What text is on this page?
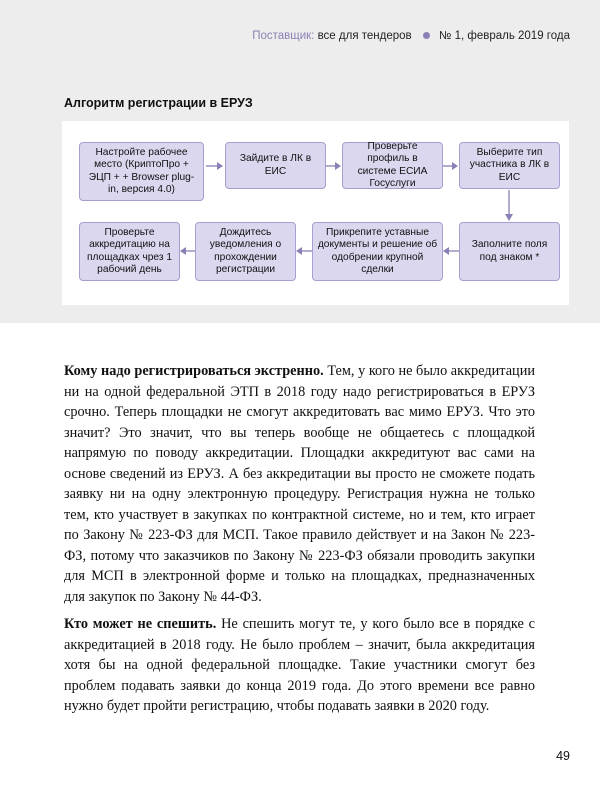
Поставщик: все для тендеров № 1, февраль 2019 года
Алгоритм регистрации в ЕРУЗ
Настройте рабочее место (КриптоПро + ЭЦП + + Browser plug-in, версия 4.0)
Зайдите в ЛК в ЕИС
Проверьте профиль в системе ЕСИА Госуслуги
Выберите тип участника в ЛК в ЕИС
Заполните поля под знаком *
Прикрепите уставные документы и решение об одобрении крупной сделки
Дождитесь уведомления о прохождении регистрации
Проверьте аккредитацию на площадках чрез 1 рабочий день
Кому надо регистрироваться экстренно. Тем, у кого не было аккредитации ни на одной федеральной ЭТП в 2018 году надо регистрироваться в ЕРУЗ срочно. Теперь площадки не смогут аккредитовать вас мимо ЕРУЗ. Что это значит? Это значит, что вы теперь вообще не общаетесь с площадкой напрямую по поводу аккредитации. Площадки аккредитуют вас сами на основе сведений из ЕРУЗ. А без аккредитации вы просто не сможете подать заявку ни на одну электронную процедуру. Регистрация нужна не только тем, кто участвует в закупках по контрактной системе, но и тем, кто играет по Закону № 223-ФЗ для МСП. Такое правило действует и на Закон № 223-ФЗ, потому что заказчиков по Закону № 223-ФЗ обязали проводить закупки для МСП в электронной форме и только на площадках, предназначенных для закупок по Закону № 44-ФЗ.
Кто может не спешить. Не спешить могут те, у кого было все в порядке с аккредитацией в 2018 году. Не было проблем – значит, была аккредитация хотя бы на одной федеральной площадке. Такие участники смогут без проблем подавать заявки до конца 2019 года. До этого времени все равно нужно будет пройти регистрацию, чтобы подавать заявки в 2020 году.
49
